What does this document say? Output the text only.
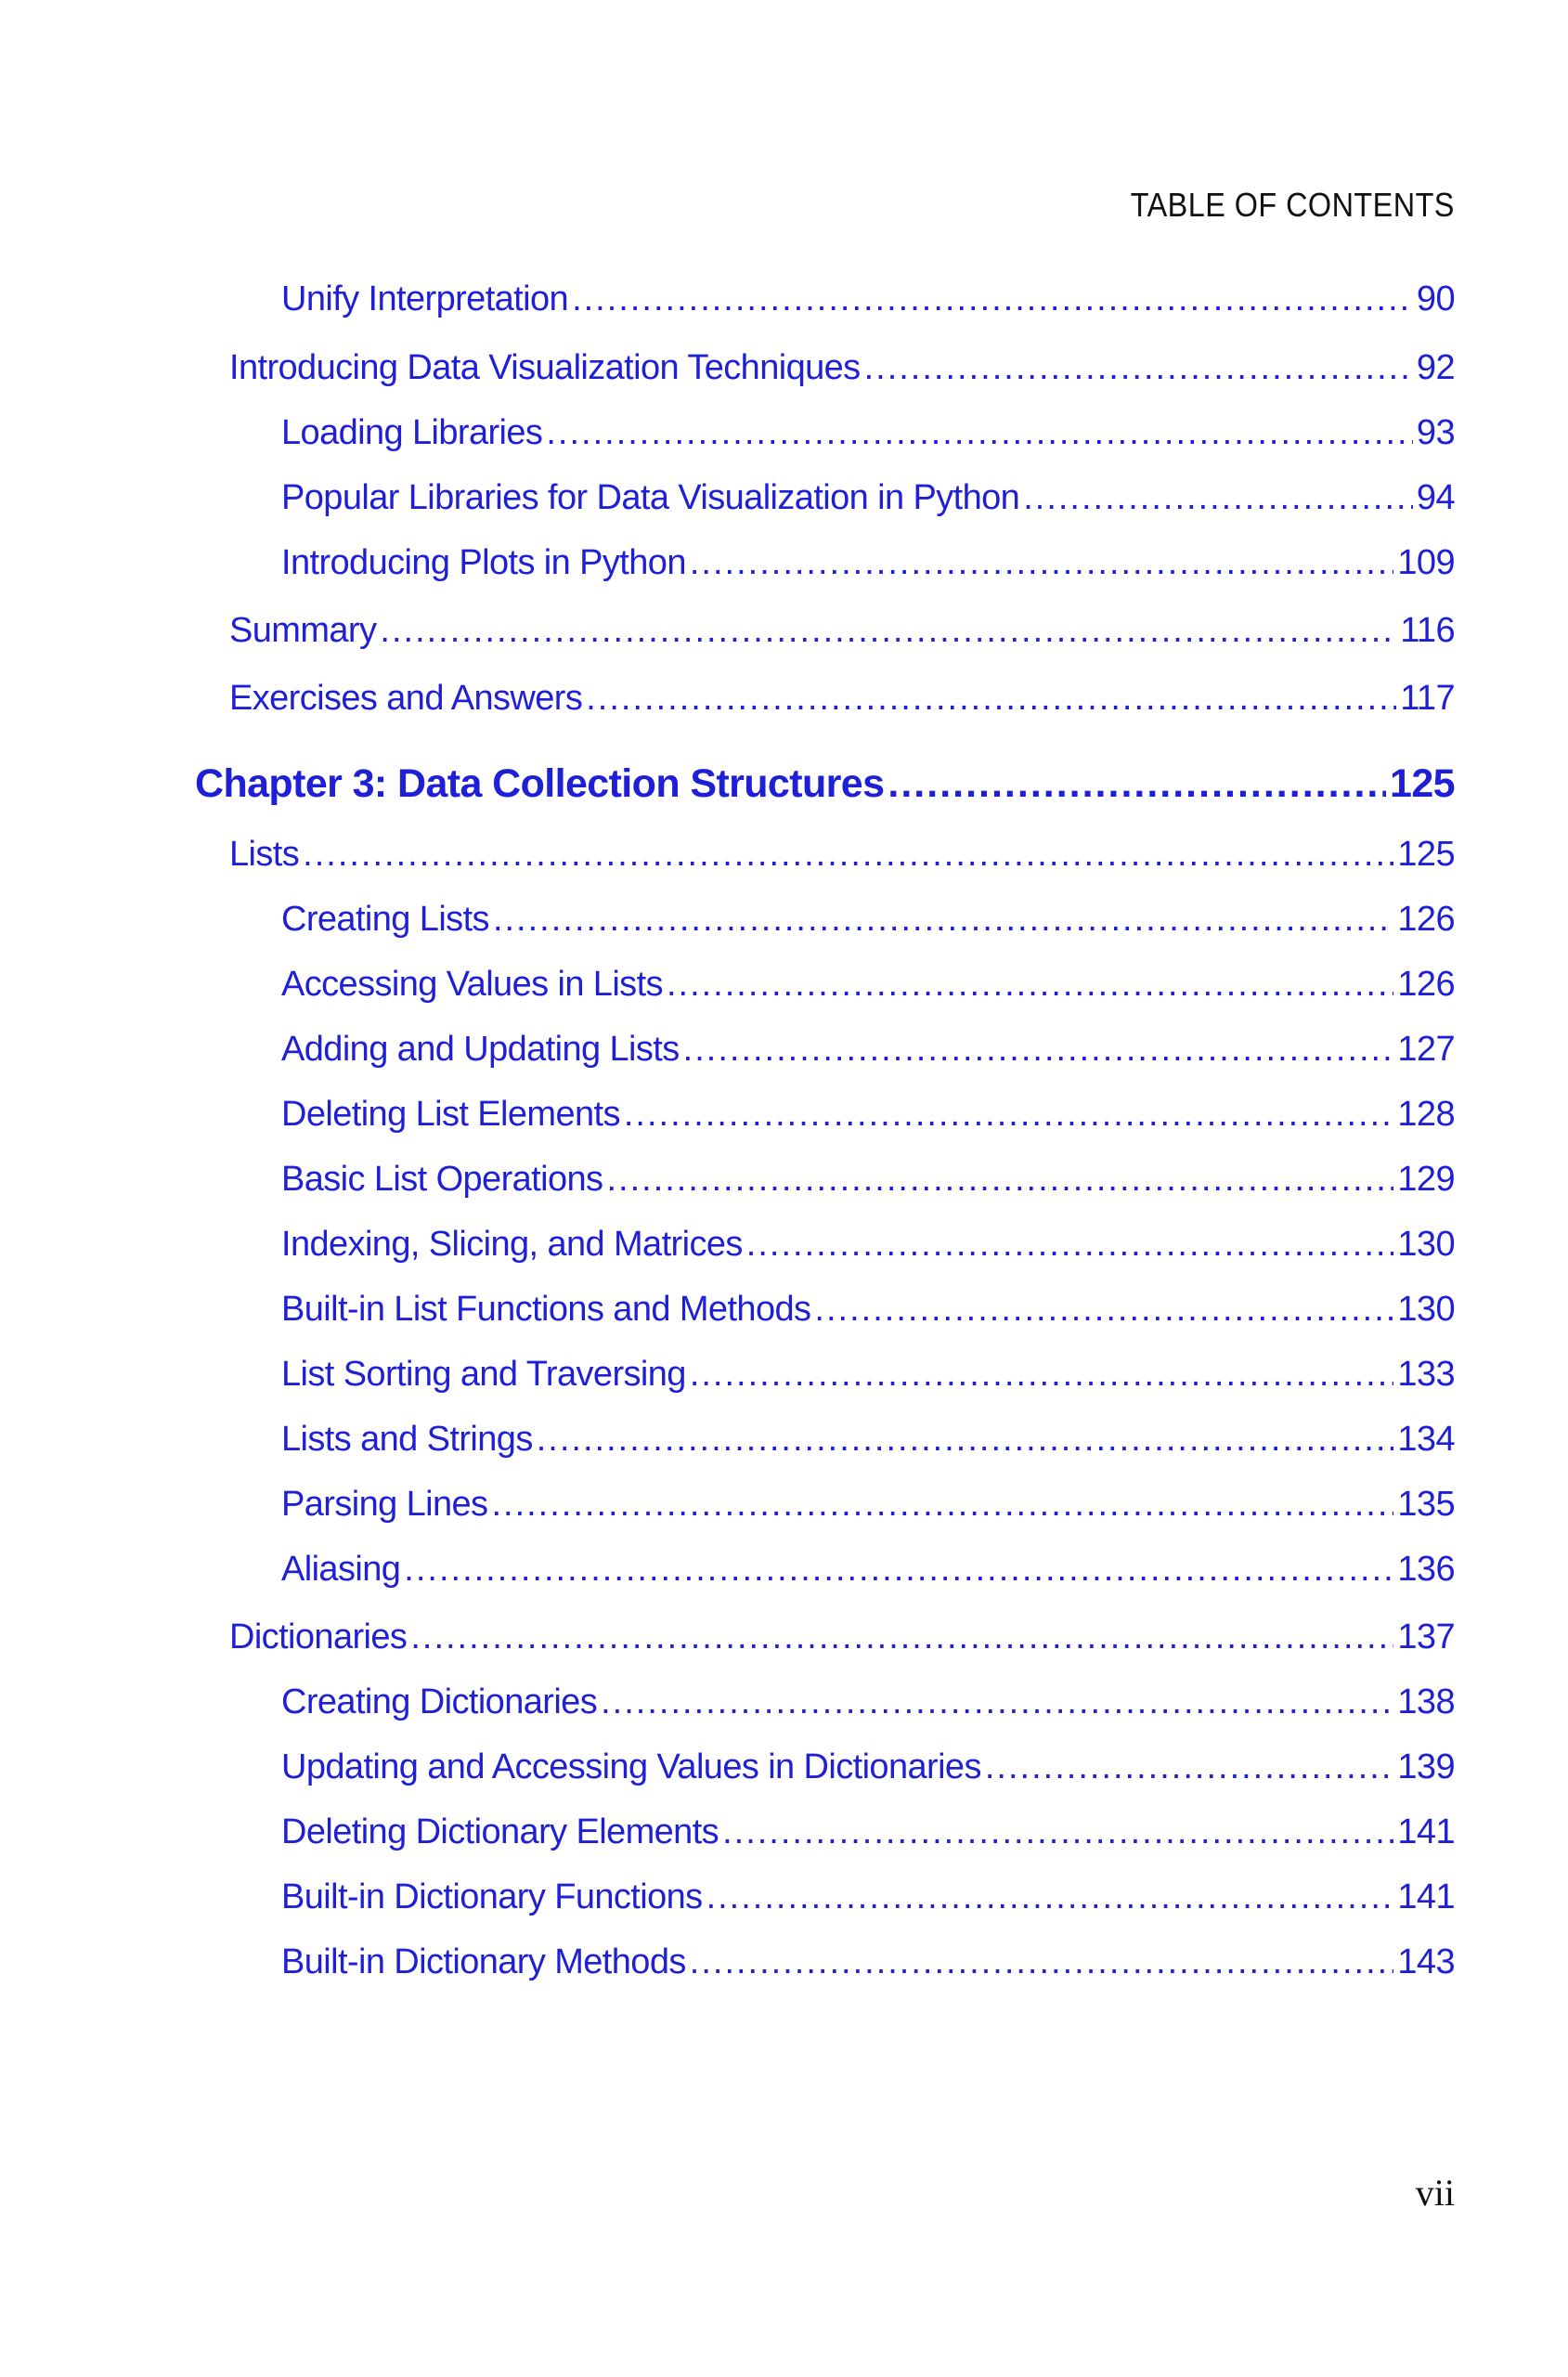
TABLE OF CONTENTS
Unify Interpretation .....	90
Introducing Data Visualization Techniques .....	92
Loading Libraries .....	93
Popular Libraries for Data Visualization in Python .....	94
Introducing Plots in Python .....	109
Summary .....	116
Exercises and Answers .....	117
Chapter 3: Data Collection Structures .....	125
Lists .....	125
Creating Lists .....	126
Accessing Values in Lists .....	126
Adding and Updating Lists .....	127
Deleting List Elements .....	128
Basic List Operations .....	129
Indexing, Slicing, and Matrices .....	130
Built-in List Functions and Methods .....	130
List Sorting and Traversing .....	133
Lists and Strings .....	134
Parsing Lines .....	135
Aliasing .....	136
Dictionaries .....	137
Creating Dictionaries .....	138
Updating and Accessing Values in Dictionaries .....	139
Deleting Dictionary Elements .....	141
Built-in Dictionary Functions .....	141
Built-in Dictionary Methods .....	143
vii
